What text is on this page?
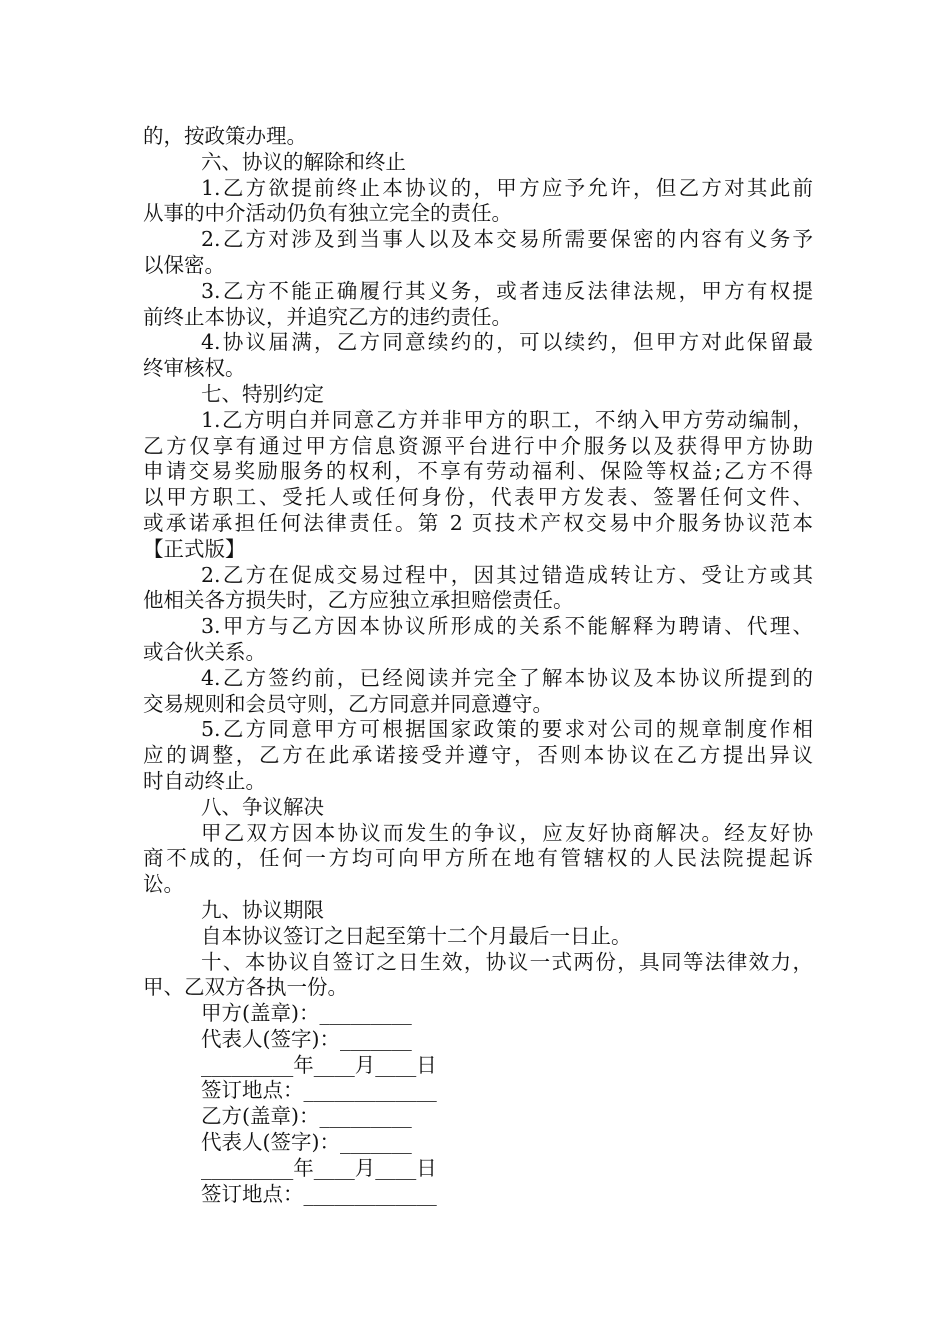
的，按政策办理。
六、协议的解除和终止
1.乙方欲提前终止本协议的，甲方应予允许，但乙方对其此前
从事的中介活动仍负有独立完全的责任。
2.乙方对涉及到当事人以及本交易所需要保密的内容有义务予
以保密。
3.乙方不能正确履行其义务，或者违反法律法规，甲方有权提
前终止本协议，并追究乙方的违约责任。
4.协议届满，乙方同意续约的，可以续约，但甲方对此保留最
终审核权。
七、特别约定
1.乙方明白并同意乙方并非甲方的职工，不纳入甲方劳动编制，
乙方仅享有通过甲方信息资源平台进行中介服务以及获得甲方协助
申请交易奖励服务的权利，不享有劳动福利、保险等权益;乙方不得
以甲方职工、受托人或任何身份，代表甲方发表、签署任何文件、
或承诺承担任何法律责任。第 2 页技术产权交易中介服务协议范本
【正式版】
2.乙方在促成交易过程中，因其过错造成转让方、受让方或其
他相关各方损失时，乙方应独立承担赔偿责任。
3.甲方与乙方因本协议所形成的关系不能解释为聘请、代理、
或合伙关系。
4.乙方签约前，已经阅读并完全了解本协议及本协议所提到的
交易规则和会员守则，乙方同意并同意遵守。
5.乙方同意甲方可根据国家政策的要求对公司的规章制度作相
应的调整，乙方在此承诺接受并遵守，否则本协议在乙方提出异议
时自动终止。
八、争议解决
甲乙双方因本协议而发生的争议，应友好协商解决。经友好协
商不成的，任何一方均可向甲方所在地有管辖权的人民法院提起诉
讼。
九、协议期限
自本协议签订之日起至第十二个月最后一日止。
十、本协议自签订之日生效，协议一式两份，具同等法律效力，
甲、乙双方各执一份。
甲方(盖章)：_________
代表人(签字)：_______
_________年____月____日
签订地点：_____________
乙方(盖章)：_________
代表人(签字)：_______
_________年____月____日
签订地点：_____________
